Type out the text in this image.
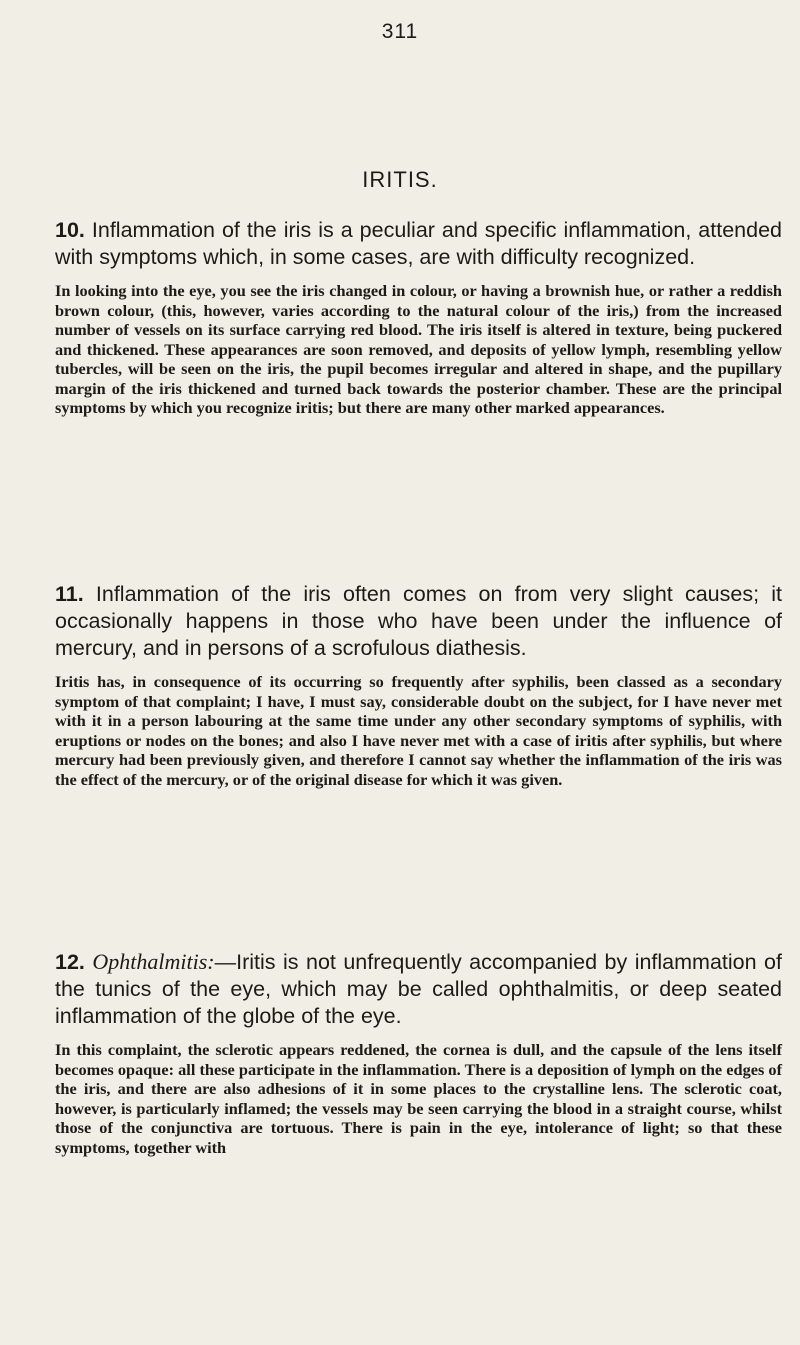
311
IRITIS.

10. Inflammation of the iris is a peculiar and specific inflammation, attended with symptoms which, in some cases, are with difficulty recognized.

In looking into the eye, you see the iris changed in colour, or having a brownish hue, or rather a reddish brown colour, (this, however, varies according to the natural colour of the iris,) from the increased number of vessels on its surface carrying red blood. The iris itself is altered in texture, being puckered and thickened. These appearances are soon removed, and deposits of yellow lymph, resembling yellow tubercles, will be seen on the iris, the pupil becomes irregular and altered in shape, and the pupillary margin of the iris thickened and turned back towards the posterior chamber. These are the principal symptoms by which you recognize iritis; but there are many other marked appearances.

11. Inflammation of the iris often comes on from very slight causes; it occasionally happens in those who have been under the influence of mercury, and in persons of a scrofulous diathesis.

Iritis has, in consequence of its occurring so frequently after syphilis, been classed as a secondary symptom of that complaint; I have, I must say, considerable doubt on the subject, for I have never met with it in a person labouring at the same time under any other secondary symptoms of syphilis, with eruptions or nodes on the bones; and also I have never met with a case of iritis after syphilis, but where mercury had been previously given, and therefore I cannot say whether the inflammation of the iris was the effect of the mercury, or of the original disease for which it was given.

12. Ophthalmitis:—Iritis is not unfrequently accompanied by inflammation of the tunics of the eye, which may be called ophthalmitis, or deep seated inflammation of the globe of the eye.

In this complaint, the sclerotic appears reddened, the cornea is dull, and the capsule of the lens itself becomes opaque: all these participate in the inflammation. There is a deposition of lymph on the edges of the iris, and there are also adhesions of it in some places to the crystalline lens. The sclerotic coat, however, is particularly inflamed; the vessels may be seen carrying the blood in a straight course, whilst those of the conjunctiva are tortuous. There is pain in the eye, intolerance of light; so that these symptoms, together with
